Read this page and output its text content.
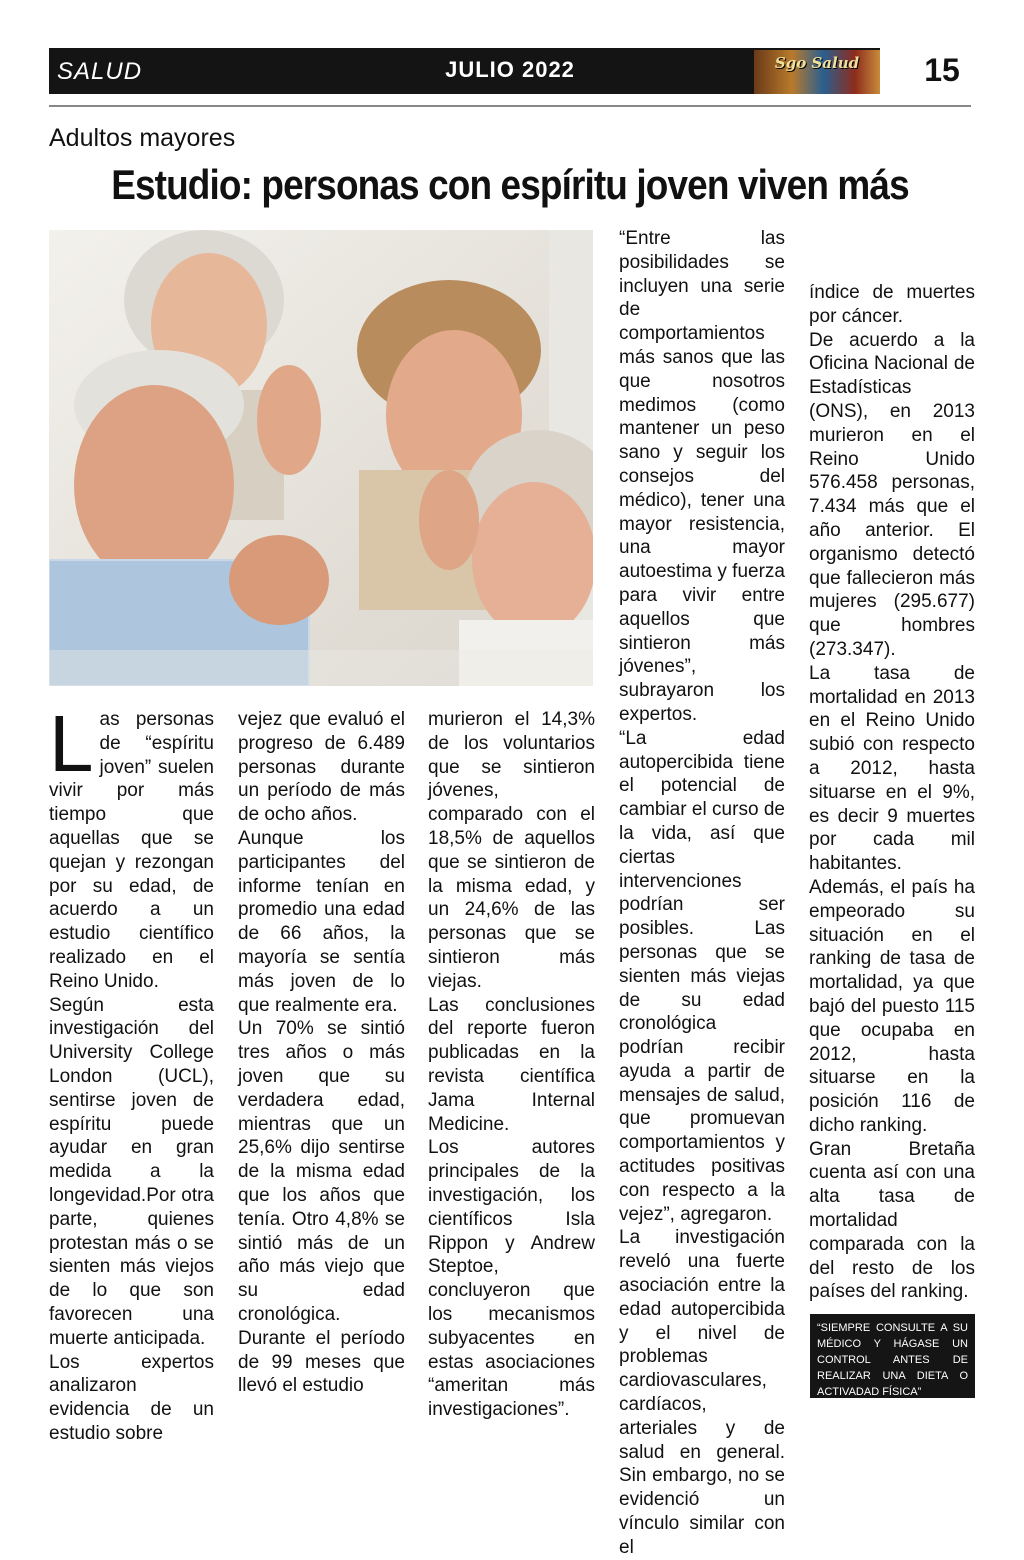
SALUD	JULIO 2022	Sgo Salud	15
Adultos mayores
Estudio: personas con espíritu joven viven más
L as personas de “espíritu joven” suelen vivir por más tiempo que aquellas que se quejan y rezongan por su edad, de acuerdo a un estudio científico realizado en el Reino Unido.

Según esta investigación del University College London (UCL), sentirse joven de espíritu puede ayudar en gran medida a la longevidad.Por otra parte, quienes protestan más o se sienten más viejos de lo que son favorecen una muerte anticipada.

Los expertos analizaron evidencia de un estudio sobre

vejez que evaluó el progreso de 6.489 personas durante un período de más de ocho años.

Aunque los participantes del informe tenían en promedio una edad de 66 años, la mayoría se sentía más joven de lo que realmente era.

Un 70% se sintió tres años o más joven que su verdadera edad, mientras que un 25,6% dijo sentirse de la misma edad que los años que tenía. Otro 4,8% se sintió más de un año más viejo que su edad cronológica.

Durante el período de 99 meses que llevó el estudio

murieron el 14,3% de los voluntarios que se sintieron jóvenes, comparado con el 18,5% de aquellos que se sintieron de la misma edad, y un 24,6% de las personas que se sintieron más viejas.

Las conclusiones del reporte fueron publicadas en la revista científica Jama Internal Medicine.

Los autores principales de la investigación, los científicos Isla Rippon y Andrew Steptoe, concluyeron que los mecanismos subyacentes en estas asociaciones “ameritan más investigaciones”.

“Entre las posibilidades se incluyen una serie de comportamientos más sanos que las que nosotros medimos (como mantener un peso sano y seguir los consejos del médico), tener una mayor resistencia, una mayor autoestima y fuerza para vivir entre aquellos que sintieron más jóvenes”, subrayaron los expertos.

“La edad autopercibida tiene el potencial de cambiar el curso de la vida, así que ciertas intervenciones podrían ser posibles. Las personas que se sienten más viejas de su edad cronológica podrían recibir ayuda a partir de mensajes de salud, que promuevan comportamientos y actitudes positivas con respecto a la vejez”, agregaron.

La investigación reveló una fuerte asociación entre la edad autopercibida y el nivel de problemas cardiovasculares, cardíacos, arteriales y de salud en general. Sin embargo, no se evidenció un vínculo similar con el

índice de muertes por cáncer.

De acuerdo a la Oficina Nacional de Estadísticas (ONS), en 2013 murieron en el Reino Unido 576.458 personas, 7.434 más que el año anterior. El organismo detectó que fallecieron más mujeres (295.677) que hombres (273.347).

La tasa de mortalidad en 2013 en el Reino Unido subió con respecto a 2012, hasta situarse en el 9%, es decir 9 muertes por cada mil habitantes.

Además, el país ha empeorado su situación en el ranking de tasa de mortalidad, ya que bajó del puesto 115 que ocupaba en 2012, hasta situarse en la posición 116 de dicho ranking.

Gran Bretaña cuenta así con una alta tasa de mortalidad comparada con la del resto de los países del ranking.

“SIEMPRE CONSULTE A SU MÉDICO Y HÁGASE UN CONTROL ANTES DE REALIZAR UNA DIETA O ACTIVADAD FÍSICA”
